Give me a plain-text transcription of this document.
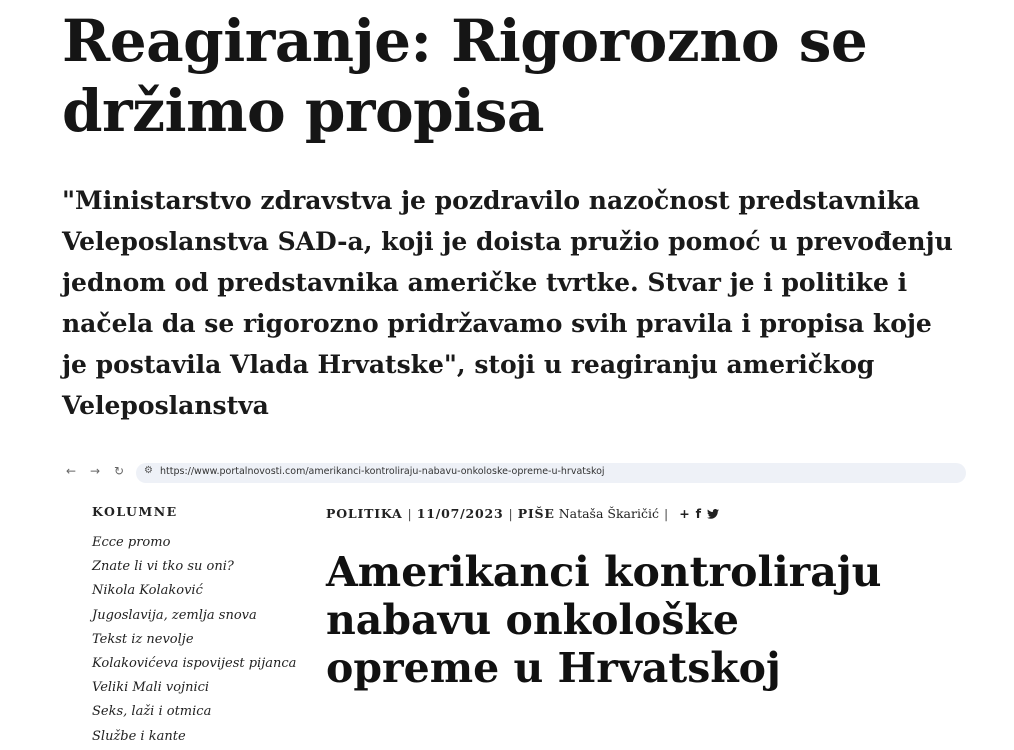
Reagiranje: Rigorozno se držimo propisa

"Ministarstvo zdravstva je pozdravilo nazočnost predstavnika Veleposlanstva SAD-a, koji je doista pružio pomoć u prevođenju jednom od predstavnika američke tvrtke. Stvar je i politike i načela da se rigorozno pridržavamo svih pravila i propisa koje je postavila Vlada Hrvatske", stoji u reagiranju američkog Veleposlanstva

← → ↻ ⚙ https://www.portalnovosti.com/amerikanci-kontroliraju-nabavu-onkoloske-opreme-u-hrvatskoj
KOLUMNE
Ecce promo
Znate li vi tko su oni?
Nikola Kolaković
Jugoslavija, zemlja snova
Tekst iz nevolje
Kolakovićeva ispovijest pijanca
Veliki Mali vojnici
Seks, laži i otmica
Službe i kante
POLITIKA | 11/07/2023 | PIŠE Nataša Škaričić | + f
Amerikanci kontroliraju nabavu onkološke opreme u Hrvatskoj
